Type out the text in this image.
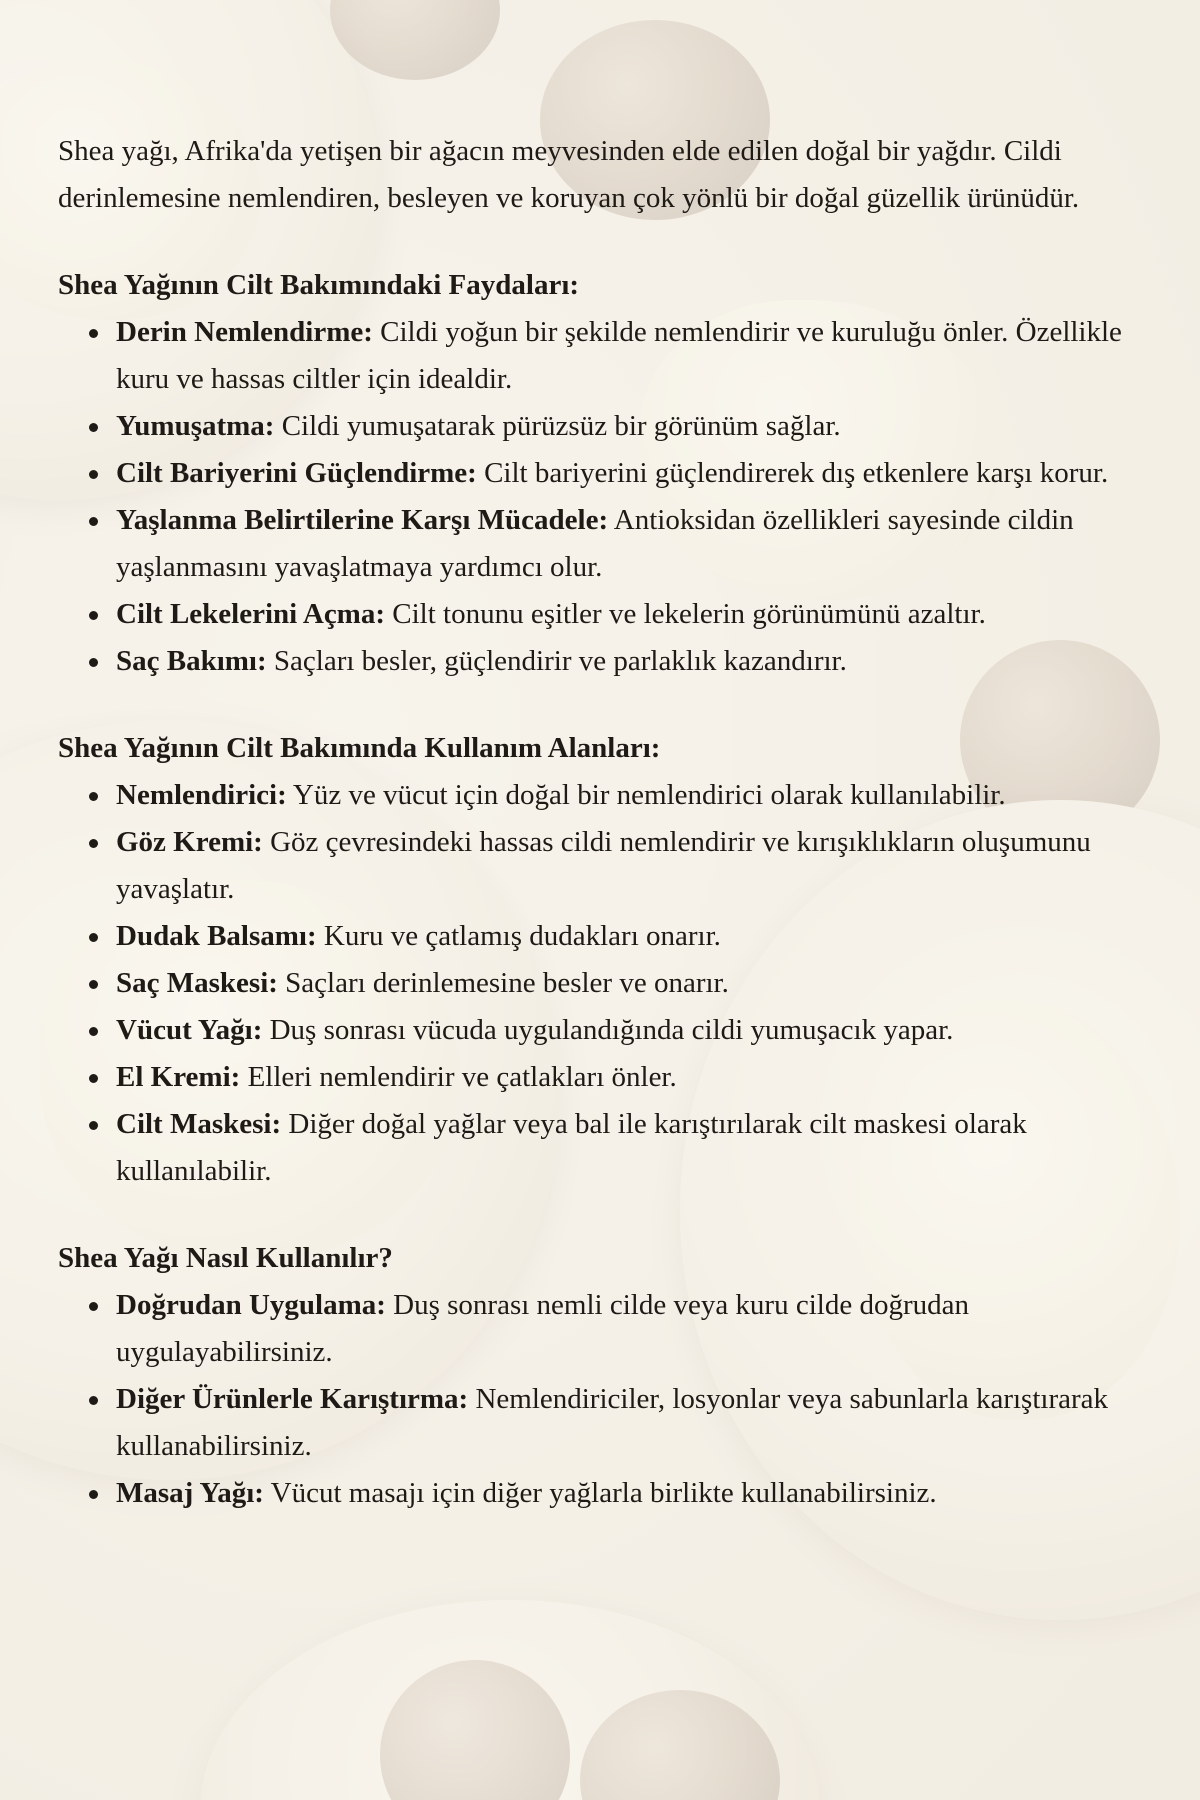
Shea yağı, Afrika'da yetişen bir ağacın meyvesinden elde edilen doğal bir yağdır. Cildi derinlemesine nemlendiren, besleyen ve koruyan çok yönlü bir doğal güzellik ürünüdür.

Shea Yağının Cilt Bakımındaki Faydaları:
Derin Nemlendirme: Cildi yoğun bir şekilde nemlendirir ve kuruluğu önler. Özellikle kuru ve hassas ciltler için idealdir.
Yumuşatma: Cildi yumuşatarak pürüzsüz bir görünüm sağlar.
Cilt Bariyerini Güçlendirme: Cilt bariyerini güçlendirerek dış etkenlere karşı korur.
Yaşlanma Belirtilerine Karşı Mücadele: Antioksidan özellikleri sayesinde cildin yaşlanmasını yavaşlatmaya yardımcı olur.
Cilt Lekelerini Açma: Cilt tonunu eşitler ve lekelerin görünümünü azaltır.
Saç Bakımı: Saçları besler, güçlendirir ve parlaklık kazandırır.
Shea Yağının Cilt Bakımında Kullanım Alanları:
Nemlendirici: Yüz ve vücut için doğal bir nemlendirici olarak kullanılabilir.
Göz Kremi: Göz çevresindeki hassas cildi nemlendirir ve kırışıklıkların oluşumunu yavaşlatır.
Dudak Balsamı: Kuru ve çatlamış dudakları onarır.
Saç Maskesi: Saçları derinlemesine besler ve onarır.
Vücut Yağı: Duş sonrası vücuda uygulandığında cildi yumuşacık yapar.
El Kremi: Elleri nemlendirir ve çatlakları önler.
Cilt Maskesi: Diğer doğal yağlar veya bal ile karıştırılarak cilt maskesi olarak kullanılabilir.
Shea Yağı Nasıl Kullanılır?
Doğrudan Uygulama: Duş sonrası nemli cilde veya kuru cilde doğrudan uygulayabilirsiniz.
Diğer Ürünlerle Karıştırma: Nemlendiriciler, losyonlar veya sabunlarla karıştırarak kullanabilirsiniz.
Masaj Yağı: Vücut masajı için diğer yağlarla birlikte kullanabilirsiniz.
